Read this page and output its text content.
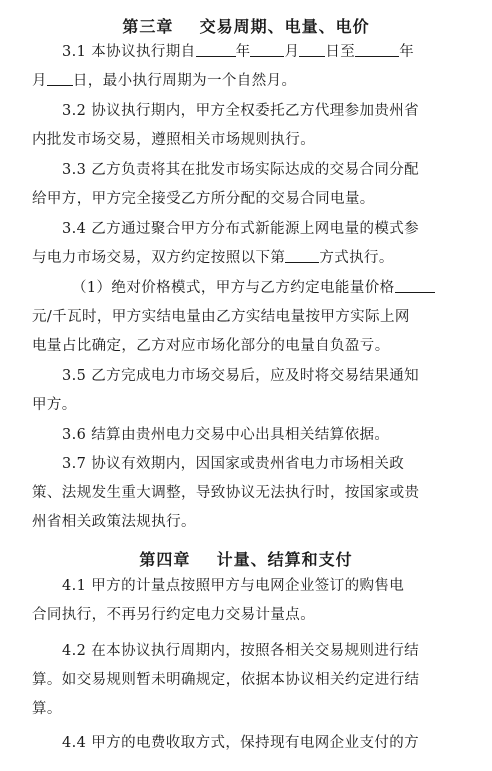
第三章    交易周期、电量、电价
3.1 本协议执行期自	年 月 日至	年
月 日，最小执行周期为一个自然月。
3.2 协议执行期内，甲方全权委托乙方代理参加贵州省
内批发市场交易，遵照相关市场规则执行。
3.3 乙方负责将其在批发市场实际达成的交易合同分配
给甲方，甲方完全接受乙方所分配的交易合同电量。
3.4 乙方通过聚合甲方分布式新能源上网电量的模式参
与电力市场交易，双方约定按照以下第 方式执行。
（1）绝对价格模式，甲方与乙方约定电能量价格
元/千瓦时，甲方实结电量由乙方实结电量按甲方实际上网
电量占比确定，乙方对应市场化部分的电量自负盈亏。
3.5 乙方完成电力市场交易后，应及时将交易结果通知
甲方。
3.6 结算由贵州电力交易中心出具相关结算依据。
3.7 协议有效期内，因国家或贵州省电力市场相关政
策、法规发生重大调整，导致协议无法执行时，按国家或贵
州省相关政策法规执行。
第四章    计量、结算和支付
4.1 甲方的计量点按照甲方与电网企业签订的购售电
合同执行，不再另行约定电力交易计量点。
4.2 在本协议执行周期内，按照各相关交易规则进行结
算。如交易规则暂未明确规定，依据本协议相关约定进行结
算。
4.4 甲方的电费收取方式，保持现有电网企业支付的方
